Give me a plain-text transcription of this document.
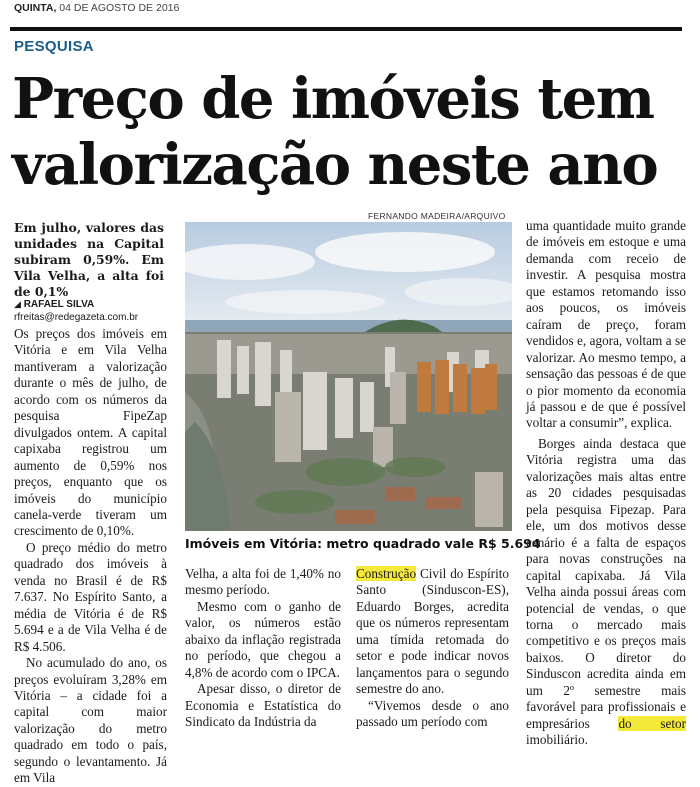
QUINTA, 04 DE AGOSTO DE 2016
PESQUISA
Preço de imóveis tem
valorização neste ano
Em julho, valores das unidades na Capital subiram 0,59%. Em Vila Velha, a alta foi de 0,1%
◢ RAFAEL SILVA
rfreitas@redegazeta.com.br

Os preços dos imóveis em Vitória e em Vila Velha mantiveram a valorização durante o mês de julho, de acordo com os números da pesquisa FipeZap divulgados ontem. A capital capixaba registrou um aumento de 0,59% nos preços, enquanto que os imóveis do município canela-verde tiveram um crescimento de 0,10%.

O preço médio do metro quadrado dos imóveis à venda no Brasil é de R$ 7.637. No Espírito Santo, a média de Vitória é de R$ 5.694 e a de Vila Velha é de R$ 4.506.

No acumulado do ano, os preços evoluíram 3,28% em Vitória – a cidade foi a capital com maior valorização do metro quadrado em todo o país, segundo o levantamento. Já em Vila

FERNANDO MADEIRA/ARQUIVO
Imóveis em Vitória: metro quadrado vale R$ 5.694

Velha, a alta foi de 1,40% no mesmo período.

Mesmo com o ganho de valor, os números estão abaixo da inflação registrada no período, que chegou a 4,8% de acordo com o IPCA.

Apesar disso, o diretor de Economia e Estatística do Sindicato da Indústria da

Construção Civil do Espírito Santo (Sinduscon-ES), Eduardo Borges, acredita que os números representam uma tímida retomada do setor e pode indicar novos lançamentos para o segundo semestre do ano.

“Vivemos desde o ano passado um período com

uma quantidade muito grande de imóveis em estoque e uma demanda com receio de investir. A pesquisa mostra que estamos retomando isso aos poucos, os imóveis caíram de preço, foram vendidos e, agora, voltam a se valorizar. Ao mesmo tempo, a sensação das pessoas é de que o pior momento da economia já passou e de que é possível voltar a consumir”, explica.

Borges ainda destaca que Vitória registra uma das valorizações mais altas entre as 20 cidades pesquisadas pela pesquisa Fipezap. Para ele, um dos motivos desse cenário é a falta de espaços para novas construções na capital capixaba. Já Vila Velha ainda possui áreas com potencial de vendas, o que torna o mercado mais competitivo e os preços mais baixos. O diretor do Sinduscon acredita ainda em um 2º semestre mais favorável para profissionais e empresários do setor imobiliário.
